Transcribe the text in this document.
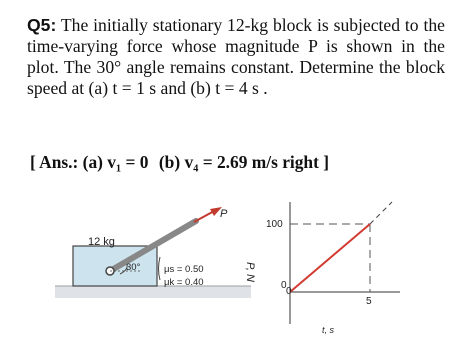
Q5: The initially stationary 12-kg block is subjected to the time-varying force whose magnitude P is shown in the plot. The 30° angle remains constant. Determine the block speed at (a) t = 1 s and (b) t = 4 s .
[ Ans.: (a) v₁ = 0 (b) v₄ = 2.69 m/s right ]
12 kg
P
30° μs = 0.50
μk = 0.40
P, N
100
0
0
5
t, s
